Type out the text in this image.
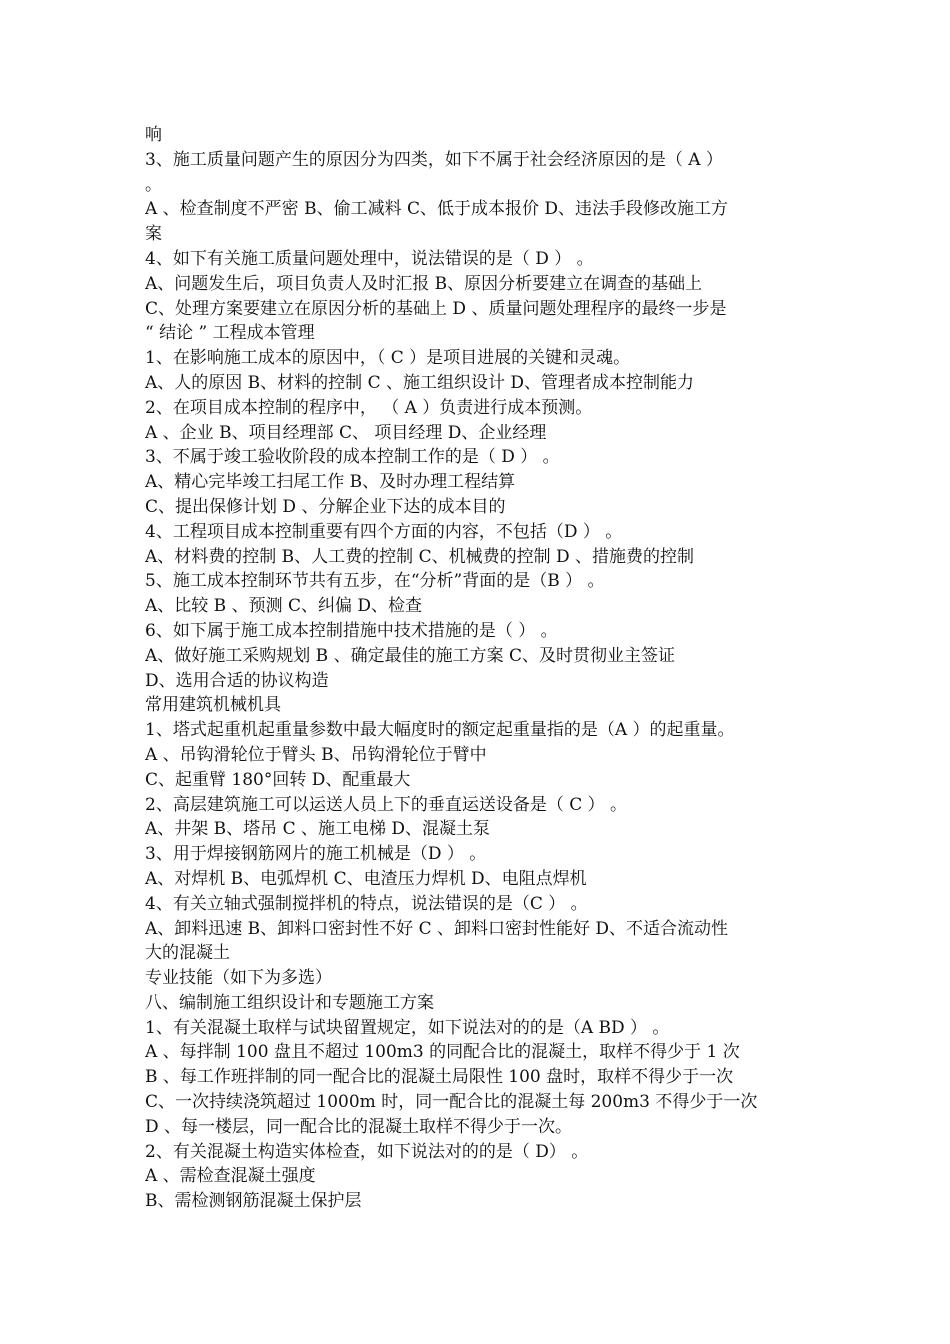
响
3、施工质量问题产生的原因分为四类，如下不属于社会经济原因的是（ A ）
。
A 、检查制度不严密 B、偷工减料 C、低于成本报价 D、违法手段修改施工方
案
4、如下有关施工质量问题处理中，说法错误的是（ D ） 。
A、问题发生后，项目负责人及时汇报 B、原因分析要建立在调查的基础上
C、处理方案要建立在原因分析的基础上 D 、质量问题处理程序的最终一步是
“ 结论 ” 工程成本管理
1、在影响施工成本的原因中，（ C ）是项目进展的关键和灵魂。
A、人的原因 B、材料的控制 C 、施工组织设计 D、管理者成本控制能力
2、在项目成本控制的程序中， （ A ）负责进行成本预测。
A 、企业 B、项目经理部 C、 项目经理 D、企业经理
3、不属于竣工验收阶段的成本控制工作的是（ D ） 。
A、精心完毕竣工扫尾工作 B、及时办理工程结算
C、提出保修计划 D 、分解企业下达的成本目的
4、工程项目成本控制重要有四个方面的内容，不包括（D ） 。
A、材料费的控制 B、人工费的控制 C、机械费的控制 D 、措施费的控制
5、施工成本控制环节共有五步，在“分析”背面的是（B ） 。
A、比较 B 、预测 C、纠偏 D、检查
6、如下属于施工成本控制措施中技术措施的是（ ） 。
A、做好施工采购规划 B 、确定最佳的施工方案 C、及时贯彻业主签证
D、选用合适的协议构造
常用建筑机械机具
1、塔式起重机起重量参数中最大幅度时的额定起重量指的是（A ）的起重量。
A 、吊钩滑轮位于臂头 B、吊钩滑轮位于臂中
C、起重臂 180°回转 D、配重最大
2、高层建筑施工可以运送人员上下的垂直运送设备是（ C ） 。
A、井架 B、塔吊 C 、施工电梯 D、混凝土泵
3、用于焊接钢筋网片的施工机械是（D ） 。
A、对焊机 B、电弧焊机 C、电渣压力焊机 D、电阻点焊机
4、有关立轴式强制搅拌机的特点，说法错误的是（C ） 。
A、卸料迅速 B、卸料口密封性不好 C 、卸料口密封性能好 D、不适合流动性
大的混凝土
专业技能（如下为多选）
八、编制施工组织设计和专题施工方案
1、有关混凝土取样与试块留置规定，如下说法对的的是（A BD ） 。
A 、每拌制 100 盘且不超过 100m3 的同配合比的混凝土，取样不得少于 1 次
B 、每工作班拌制的同一配合比的混凝土局限性 100 盘时，取样不得少于一次
C、一次持续浇筑超过 1000m 时，同一配合比的混凝土每 200m3 不得少于一次
D 、每一楼层，同一配合比的混凝土取样不得少于一次。
2、有关混凝土构造实体检查，如下说法对的的是（ D） 。
A 、需检查混凝土强度
B、需检测钢筋混凝土保护层
